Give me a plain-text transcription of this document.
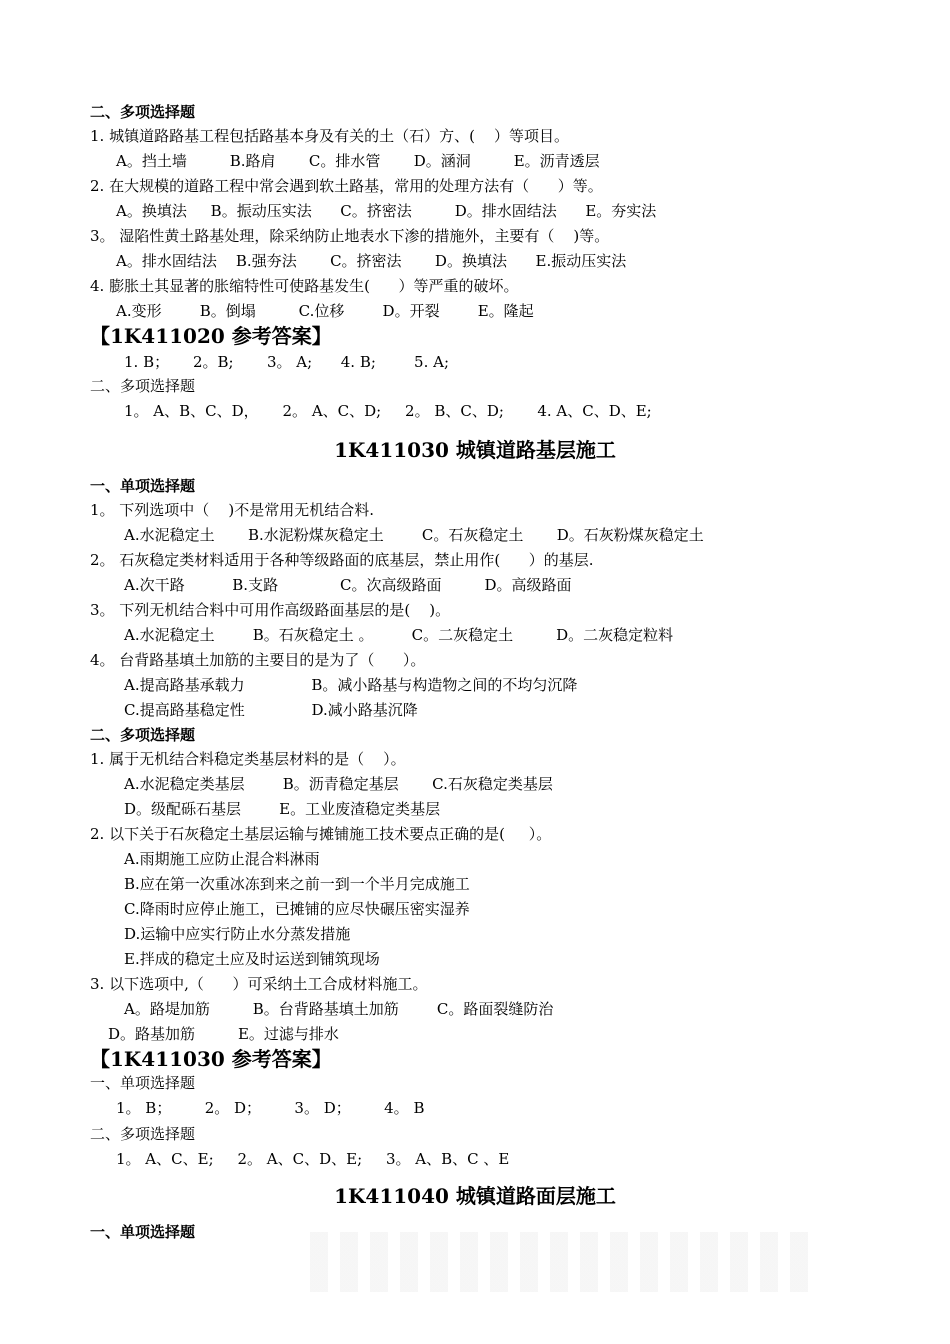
二、多项选择题
1. 城镇道路路基工程包括路基本身及有关的土（石）方、(    ）等项目。
A。挡土墙         B.路肩       C。排水管       D。涵洞         E。沥青透层
2. 在大规模的道路工程中常会遇到软土路基，常用的处理方法有（      ）等。
A。换填法     B。振动压实法      C。挤密法         D。排水固结法      E。夯实法
3。 湿陷性黄土路基处理，除采纳防止地表水下渗的措施外，主要有（    )等。
A。排水固结法    B.强夯法       C。挤密法       D。换填法      E.振动压实法
4. 膨胀土其显著的胀缩特性可使路基发生(      ）等严重的破坏。
A.变形        B。倒塌         C.位移        D。开裂        E。隆起
【1K411020 参考答案】
1. B；     2。B;       3。 A;      4. B;        5. A;
二、多项选择题
1。 A、B、C、D，     2。 A、C、D;     2。 B、C、D;       4. A、C、D、E;
一、单项选择题
1。 下列选项中（    )不是常用无机结合料.
A.水泥稳定土       B.水泥粉煤灰稳定土        C。石灰稳定土       D。石灰粉煤灰稳定土
2。 石灰稳定类材料适用于各种等级路面的底基层，禁止用作(      ）的基层.
A.次干路          B.支路             C。次高级路面         D。高级路面
3。 下列无机结合料中可用作高级路面基层的是(    )。
A.水泥稳定土        B。石灰稳定土 。        C。二灰稳定土         D。二灰稳定粒料
4。 台背路基填土加筋的主要目的是为了（      ）。
A.提高路基承载力              B。减小路基与构造物之间的不均匀沉降
C.提高路基稳定性              D.减小路基沉降
二、多项选择题
1. 属于无机结合料稳定类基层材料的是（    ）。
A.水泥稳定类基层        B。沥青稳定基层       C.石灰稳定类基层
D。级配砾石基层        E。工业废渣稳定类基层
2. 以下关于石灰稳定土基层运输与摊铺施工技术要点正确的是(     ）。
A.雨期施工应防止混合料淋雨
B.应在第一次重冰冻到来之前一到一个半月完成施工
C.降雨时应停止施工，已摊铺的应尽快碾压密实湿养
D.运输中应实行防止水分蒸发措施
E.拌成的稳定土应及时运送到铺筑现场
3. 以下选项中,（      ）可采纳土工合成材料施工。
A。路堤加筋         B。台背路基填土加筋        C。路面裂缝防治
D。路基加筋         E。过滤与排水
【1K411030 参考答案】
一、单项选择题
1。 B；       2。 D；       3。 D；       4。 B
二、多项选择题
1。 A、C、E;     2。 A、C、D、E;     3。 A、B、C 、E
一、单项选择题
1K411030 城镇道路基层施工
1K411040 城镇道路面层施工
